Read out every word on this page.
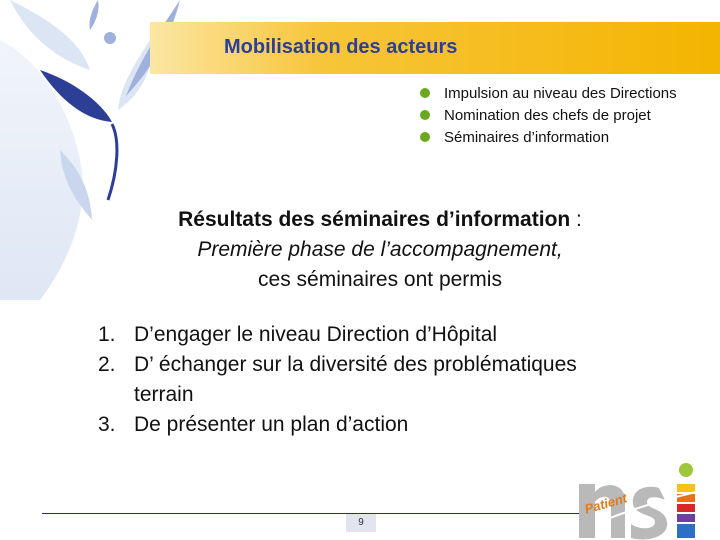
Mobilisation des acteurs
Impulsion au niveau des Directions
Nomination des chefs de projet
Séminaires d’information
Résultats des séminaires d’information :
Première phase de l’accompagnement,
ces séminaires ont permis
1. D’engager le niveau Direction d’Hôpital
2. D’ échanger sur la diversité des problématiques
terrain
3. De présenter un plan d’action
9
Patient
